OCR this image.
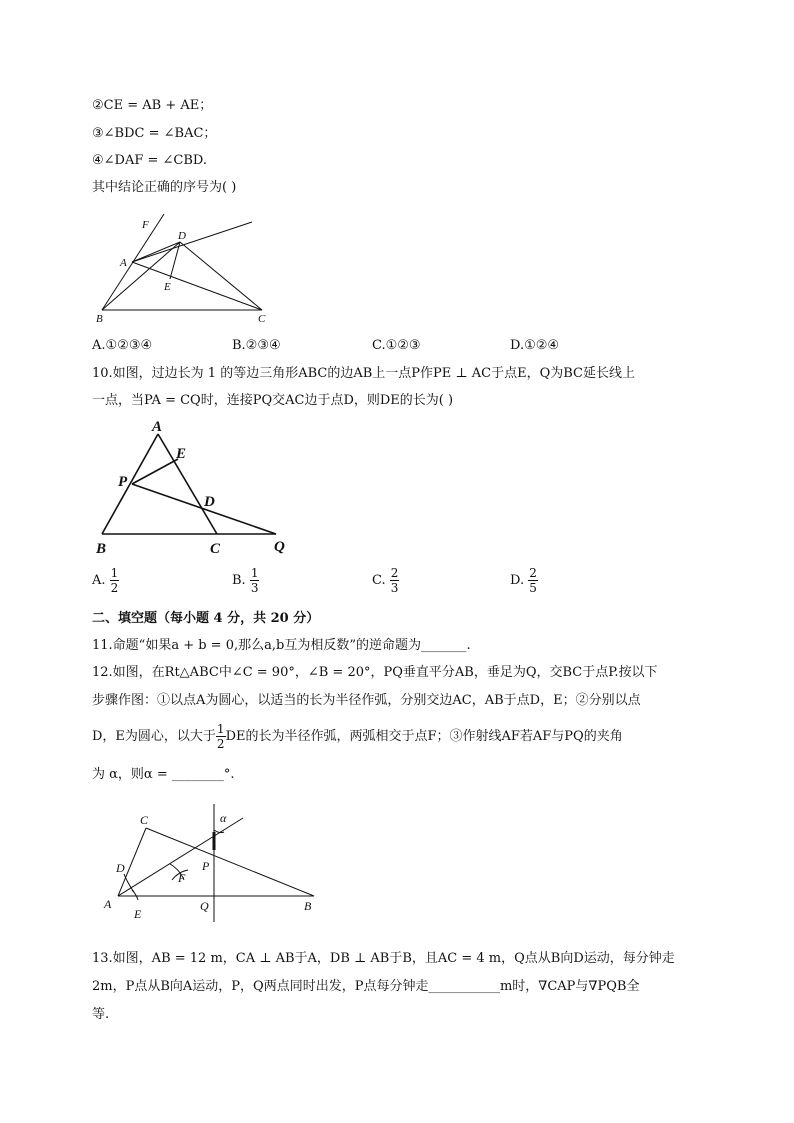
②CE = AB + AE；
③∠BDC = ∠BAC；
④∠DAF = ∠CBD.
其中结论正确的序号为( )
F
D
A
E
B	C
A.①②③④	B.②③④	C.①②③	D.①②④
10.如图，过边长为 1 的等边三角形ABC的边AB上一点P作PE ⊥ AC于点E，Q为BC延长线上
一点，当PA = CQ时，连接PQ交AC边于点D，则DE的长为( )
A
E
P
D
B	C	Q
A. $\frac{1}{2}$	B. $\frac{1}{3}$	C. $\frac{2}{3}$	D. $\frac{2}{5}$
二、填空题（每小题 4 分，共 20 分）
11.命题“如果a + b = 0,那么a,b互为相反数”的逆命题为_______.
12.如图，在Rt△ABC中∠C = 90°，∠B = 20°，PQ垂直平分AB，垂足为Q，交BC于点P.按以下
步骤作图：①以点A为圆心，以适当的长为半径作弧，分别交边AC，AB于点D，E；②分别以点
D，E为圆心，以大于 $\frac{1}{2}$ DE的长为半径作弧，两弧相交于点F；③作射线AF若AF与PQ的夹角
为 α，则α = ________°.
C
D
F
P
α
A
E
Q	B
13.如图，AB = 12 m，CA ⊥ AB于A，DB ⊥ AB于B，且AC = 4 m，Q点从B向D运动，每分钟走
2m，P点从B向A运动，P，Q两点同时出发，P点每分钟走___________m时，∇CAP与∇PQB全
等.
